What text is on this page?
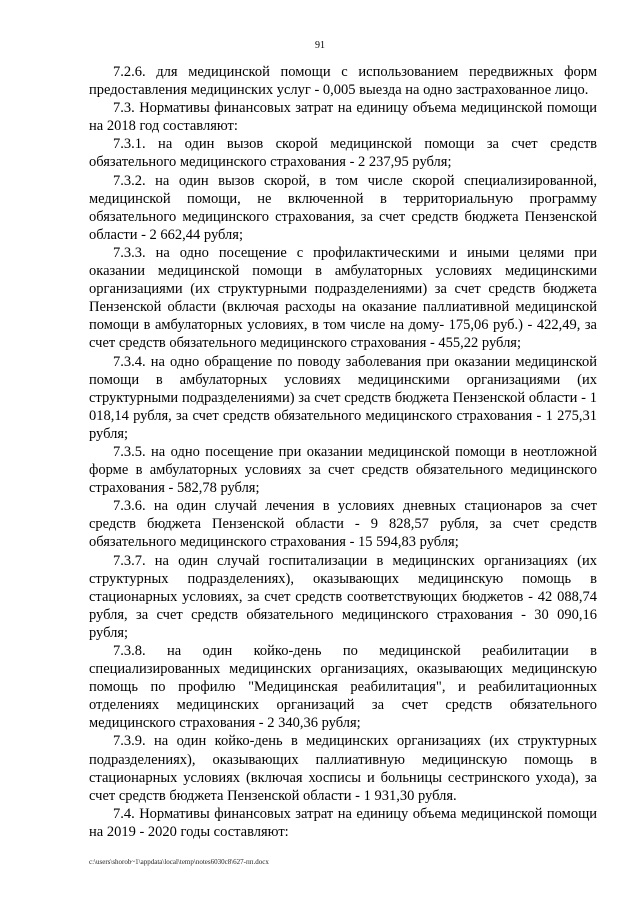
91

7.2.6. для медицинской помощи с использованием передвижных форм предоставления медицинских услуг - 0,005 выезда на одно застрахованное лицо.

7.3. Нормативы финансовых затрат на единицу объема медицинской помощи на 2018 год составляют:

7.3.1. на один вызов скорой медицинской помощи за счет средств обязательного медицинского страхования - 2 237,95 рубля;

7.3.2. на один вызов скорой, в том числе скорой специализированной, медицинской помощи, не включенной в территориальную программу обязательного медицинского страхования, за счет средств бюджета Пензенской области - 2 662,44 рубля;

7.3.3. на одно посещение с профилактическими и иными целями при оказании медицинской помощи в амбулаторных условиях медицинскими организациями (их структурными подразделениями) за счет средств бюджета Пензенской области (включая расходы на оказание паллиативной медицинской помощи в амбулаторных условиях, в том числе на дому- 175,06 руб.) - 422,49, за счет средств обязательного медицинского страхования - 455,22 рубля;

7.3.4. на одно обращение по поводу заболевания при оказании медицинской помощи в амбулаторных условиях медицинскими организациями (их структурными подразделениями) за счет средств бюджета Пензенской области - 1 018,14 рубля, за счет средств обязательного медицинского страхования - 1 275,31 рубля;

7.3.5. на одно посещение при оказании медицинской помощи в неотложной форме в амбулаторных условиях за счет средств обязательного медицинского страхования - 582,78 рубля;

7.3.6. на один случай лечения в условиях дневных стационаров за счет средств бюджета Пензенской области - 9 828,57 рубля, за счет средств обязательного медицинского страхования - 15 594,83 рубля;

7.3.7. на один случай госпитализации в медицинских организациях (их структурных подразделениях), оказывающих медицинскую помощь в стационарных условиях, за счет средств соответствующих бюджетов - 42 088,74 рубля, за счет средств обязательного медицинского страхования - 30 090,16 рубля;

7.3.8. на один койко-день по медицинской реабилитации в специализированных медицинских организациях, оказывающих медицинскую помощь по профилю "Медицинская реабилитация", и реабилитационных отделениях медицинских организаций за счет средств обязательного медицинского страхования - 2 340,36 рубля;

7.3.9. на один койко-день в медицинских организациях (их структурных подразделениях), оказывающих паллиативную медицинскую помощь в стационарных условиях (включая хосписы и больницы сестринского ухода), за счет средств бюджета Пензенской области - 1 931,30 рубля.

7.4. Нормативы финансовых затрат на единицу объема медицинской помощи на 2019 - 2020 годы составляют:

c:\users\shorob~1\appdata\local\temp\notes6030c8\627-пп.docx
